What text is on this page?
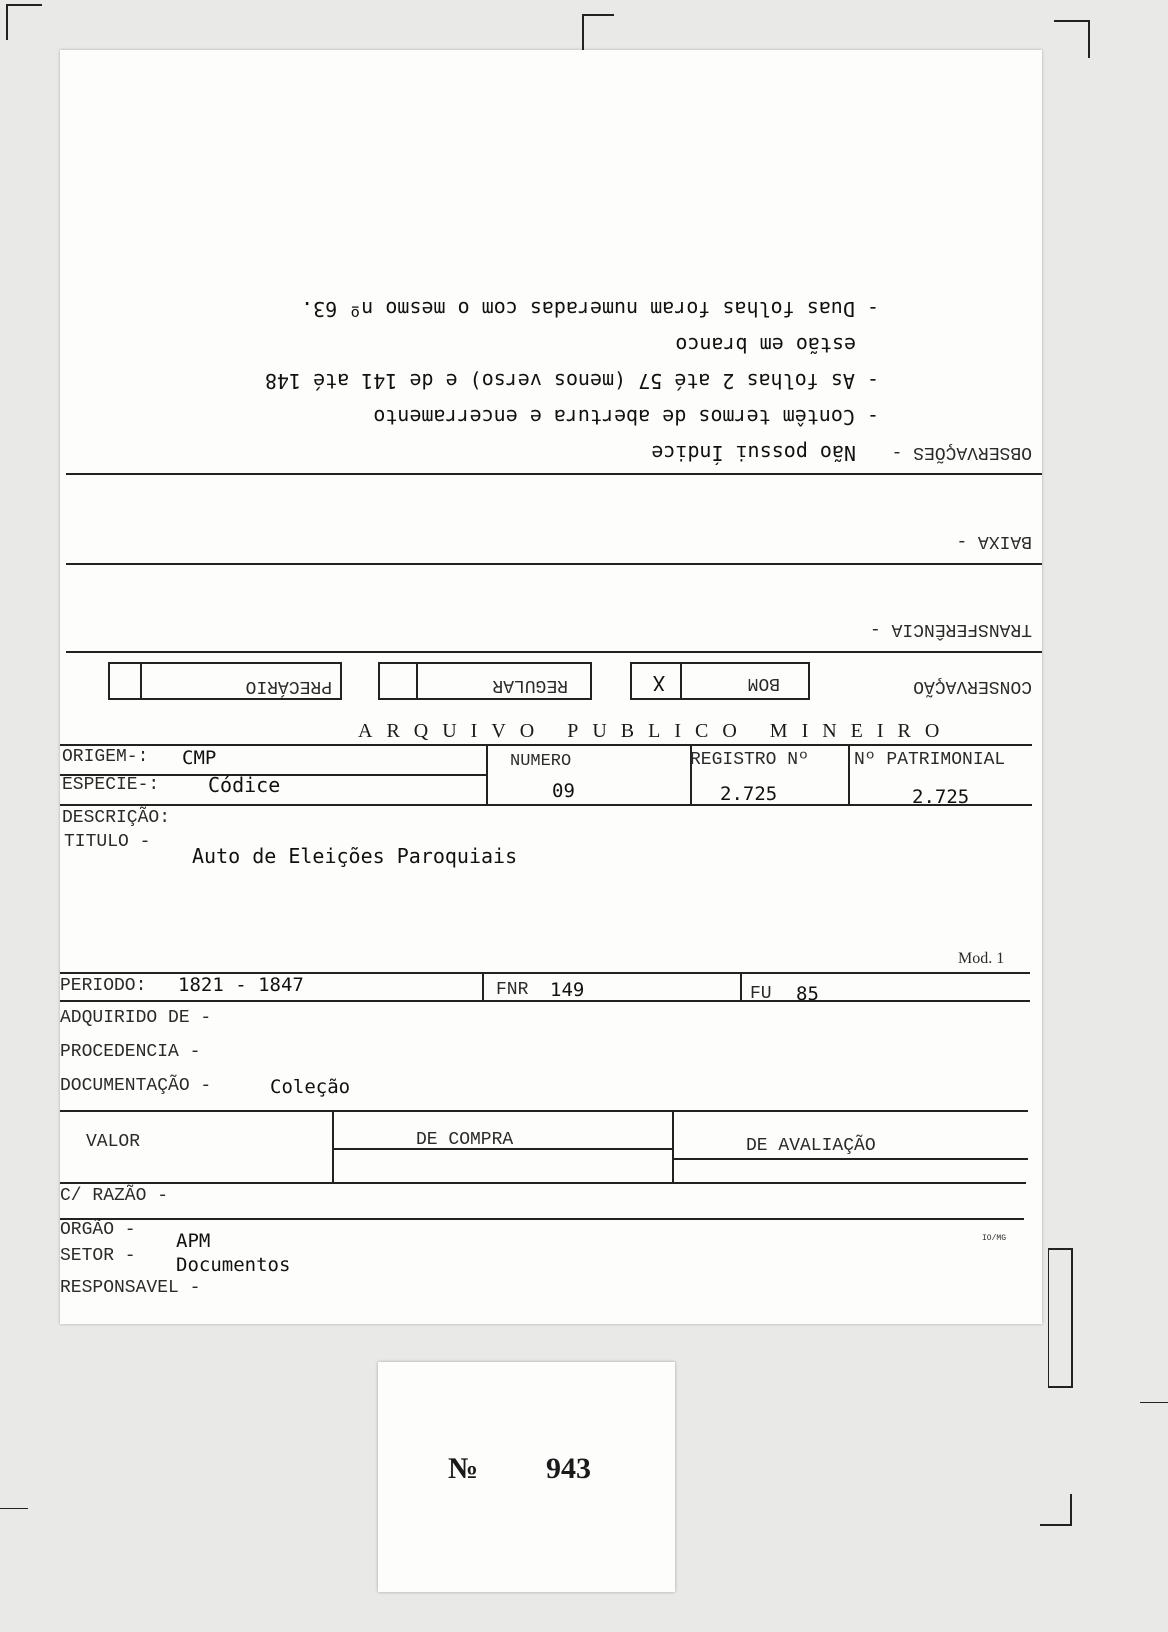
CONSERVAÇÃO
BOM
X
REGULAR
PRECÁRIO
TRANSFERÊNCIA -
BAIXA -
OBSERVAÇÕES -
Não possui Índice
- Contêm termos de abertura e encerramento
- As folhas 2 até 57 (menos verso) e de 141 até 148
estão em branco
- Duas folhas foram numeradas com o mesmo nº 63.
ARQUIVO PUBLICO MINEIRO
ORIGEM-: CMP
ESPECIE-: Códice
NUMERO
09
REGISTRO Nº
2.725
Nº PATRIMONIAL
2.725
DESCRIÇÃO:
TITULO -
Auto de Eleições Paroquiais
Mod. 1
PERIODO: 1821 - 1847	FNR 149	FU 85
ADQUIRIDO DE -
PROCEDENCIA -
DOCUMENTAÇÃO -	Coleção
VALOR	DE COMPRA	DE AVALIAÇÃO
C/ RAZÃO -
ORGÃO - APM
SETOR - Documentos
RESPONSAVEL -
IO/MG
№ 943
